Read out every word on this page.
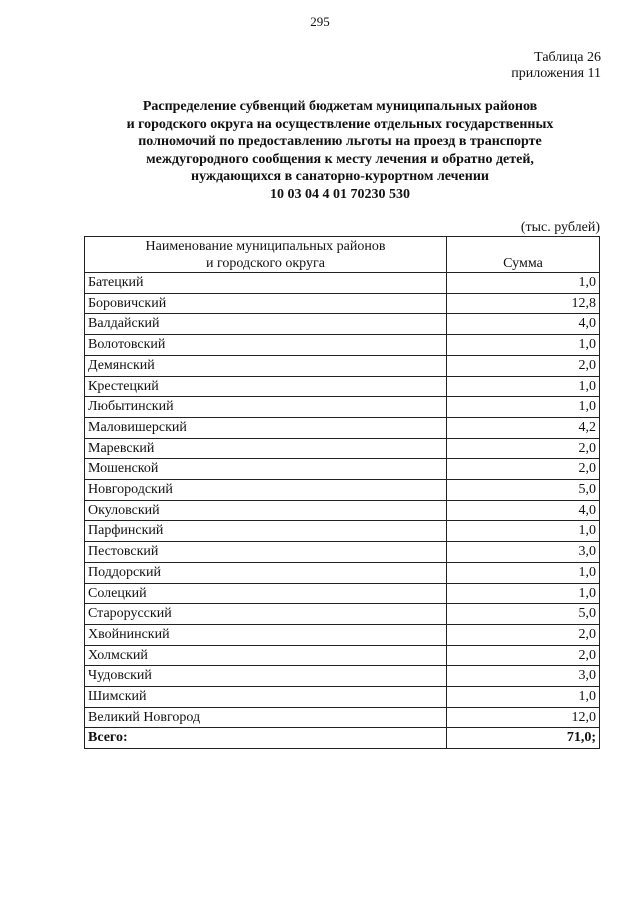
295
Таблица 26
приложения 11
Распределение субвенций бюджетам муниципальных районов
и городского округа на осуществление отдельных государственных
полномочий по предоставлению льготы на проезд в транспорте
междугородного сообщения к месту лечения и обратно детей,
нуждающихся в санаторно-курортном лечении
10 03 04 4 01 70230 530
(тыс. рублей)
Наименование муниципальных районов
и городского округа	Сумма
Батецкий	1,0
Боровичский	12,8
Валдайский	4,0
Волотовский	1,0
Демянский	2,0
Крестецкий	1,0
Любытинский	1,0
Маловишерский	4,2
Маревский	2,0
Мошенской	2,0
Новгородский	5,0
Окуловский	4,0
Парфинский	1,0
Пестовский	3,0
Поддорский	1,0
Солецкий	1,0
Старорусский	5,0
Хвойнинский	2,0
Холмский	2,0
Чудовский	3,0
Шимский	1,0
Великий Новгород	12,0
Всего:	71,0;
